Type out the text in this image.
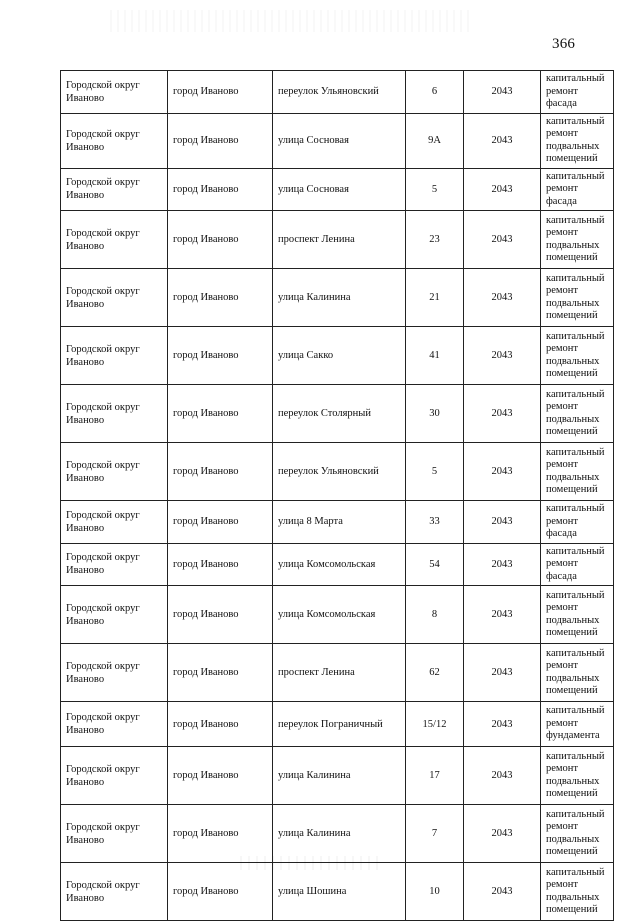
366
Городской округ Иваново	город Иваново	переулок Ульяновский	6	2043	капитальный ремонт фасада
Городской округ Иваново	город Иваново	улица Сосновая	9А	2043	капитальный ремонт подвальных помещений
Городской округ Иваново	город Иваново	улица Сосновая	5	2043	капитальный ремонт фасада
Городской округ Иваново	город Иваново	проспект Ленина	23	2043	капитальный ремонт подвальных помещений
Городской округ Иваново	город Иваново	улица Калинина	21	2043	капитальный ремонт подвальных помещений
Городской округ Иваново	город Иваново	улица Сакко	41	2043	капитальный ремонт подвальных помещений
Городской округ Иваново	город Иваново	переулок Столярный	30	2043	капитальный ремонт подвальных помещений
Городской округ Иваново	город Иваново	переулок Ульяновский	5	2043	капитальный ремонт подвальных помещений
Городской округ Иваново	город Иваново	улица 8 Марта	33	2043	капитальный ремонт фасада
Городской округ Иваново	город Иваново	улица Комсомольская	54	2043	капитальный ремонт фасада
Городской округ Иваново	город Иваново	улица Комсомольская	8	2043	капитальный ремонт подвальных помещений
Городской округ Иваново	город Иваново	проспект Ленина	62	2043	капитальный ремонт подвальных помещений
Городской округ Иваново	город Иваново	переулок Пограничный	15/12	2043	капитальный ремонт фундамента
Городской округ Иваново	город Иваново	улица Калинина	17	2043	капитальный ремонт подвальных помещений
Городской округ Иваново	город Иваново	улица Калинина	7	2043	капитальный ремонт подвальных помещений
Городской округ Иваново	город Иваново	улица Шошина	10	2043	капитальный ремонт подвальных помещений
